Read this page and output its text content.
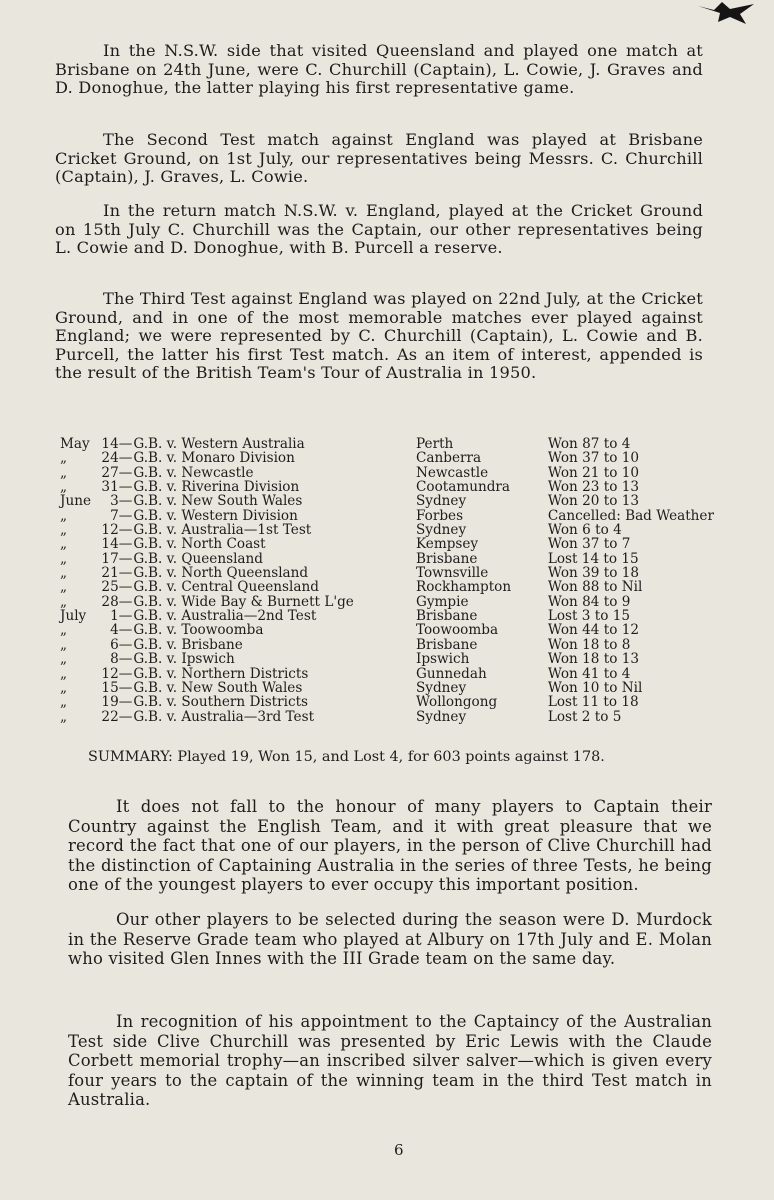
In the N.S.W. side that visited Queensland and played one match at Brisbane on 24th June, were C. Churchill (Captain), L. Cowie, J. Graves and D. Donoghue, the latter playing his first representative game.

The Second Test match against England was played at Brisbane Cricket Ground, on 1st July, our representatives being Messrs. C. Churchill (Captain), J. Graves, L. Cowie.

In the return match N.S.W. v. England, played at the Cricket Ground on 15th July C. Churchill was the Captain, our other representatives being L. Cowie and D. Donoghue, with B. Purcell a reserve.

The Third Test against England was played on 22nd July, at the Cricket Ground, and in one of the most memorable matches ever played against England; we were represented by C. Churchill (Captain), L. Cowie and B. Purcell, the latter his first Test match. As an item of interest, appended is the result of the British Team's Tour of Australia in 1950.

May	14—	G.B. v. Western Australia	Perth	Won 87 to 4
„	24—	G.B. v. Monaro Division	Canberra	Won 37 to 10
„	27—	G.B. v. Newcastle	Newcastle	Won 21 to 10
„	31—	G.B. v. Riverina Division	Cootamundra	Won 23 to 13
June	3—	G.B. v. New South Wales	Sydney	Won 20 to 13
„	7—	G.B. v. Western Division	Forbes	Cancelled: Bad Weather
„	12—	G.B. v. Australia—1st Test	Sydney	Won 6 to 4
„	14—	G.B. v. North Coast	Kempsey	Won 37 to 7
„	17—	G.B. v. Queensland	Brisbane	Lost 14 to 15
„	21—	G.B. v. North Queensland	Townsville	Won 39 to 18
„	25—	G.B. v. Central Queensland	Rockhampton	Won 88 to Nil
„	28—	G.B. v. Wide Bay & Burnett L'ge	Gympie	Won 84 to 9
July	1—	G.B. v. Australia—2nd Test	Brisbane	Lost 3 to 15
„	4—	G.B. v. Toowoomba	Toowoomba	Won 44 to 12
„	6—	G.B. v. Brisbane	Brisbane	Won 18 to 8
„	8—	G.B. v. Ipswich	Ipswich	Won 18 to 13
„	12—	G.B. v. Northern Districts	Gunnedah	Won 41 to 4
„	15—	G.B. v. New South Wales	Sydney	Won 10 to Nil
„	19—	G.B. v. Southern Districts	Wollongong	Lost 11 to 18
„	22—	G.B. v. Australia—3rd Test	Sydney	Lost 2 to 5

SUMMARY: Played 19, Won 15, and Lost 4, for 603 points against 178.

It does not fall to the honour of many players to Captain their Country against the English Team, and it with great pleasure that we record the fact that one of our players, in the person of Clive Churchill had the distinction of Captaining Australia in the series of three Tests, he being one of the youngest players to ever occupy this important position.

Our other players to be selected during the season were D. Murdock in the Reserve Grade team who played at Albury on 17th July and E. Molan who visited Glen Innes with the III Grade team on the same day.

In recognition of his appointment to the Captaincy of the Australian Test side Clive Churchill was presented by Eric Lewis with the Claude Corbett memorial trophy—an inscribed silver salver—which is given every four years to the captain of the winning team in the third Test match in Australia.

6
